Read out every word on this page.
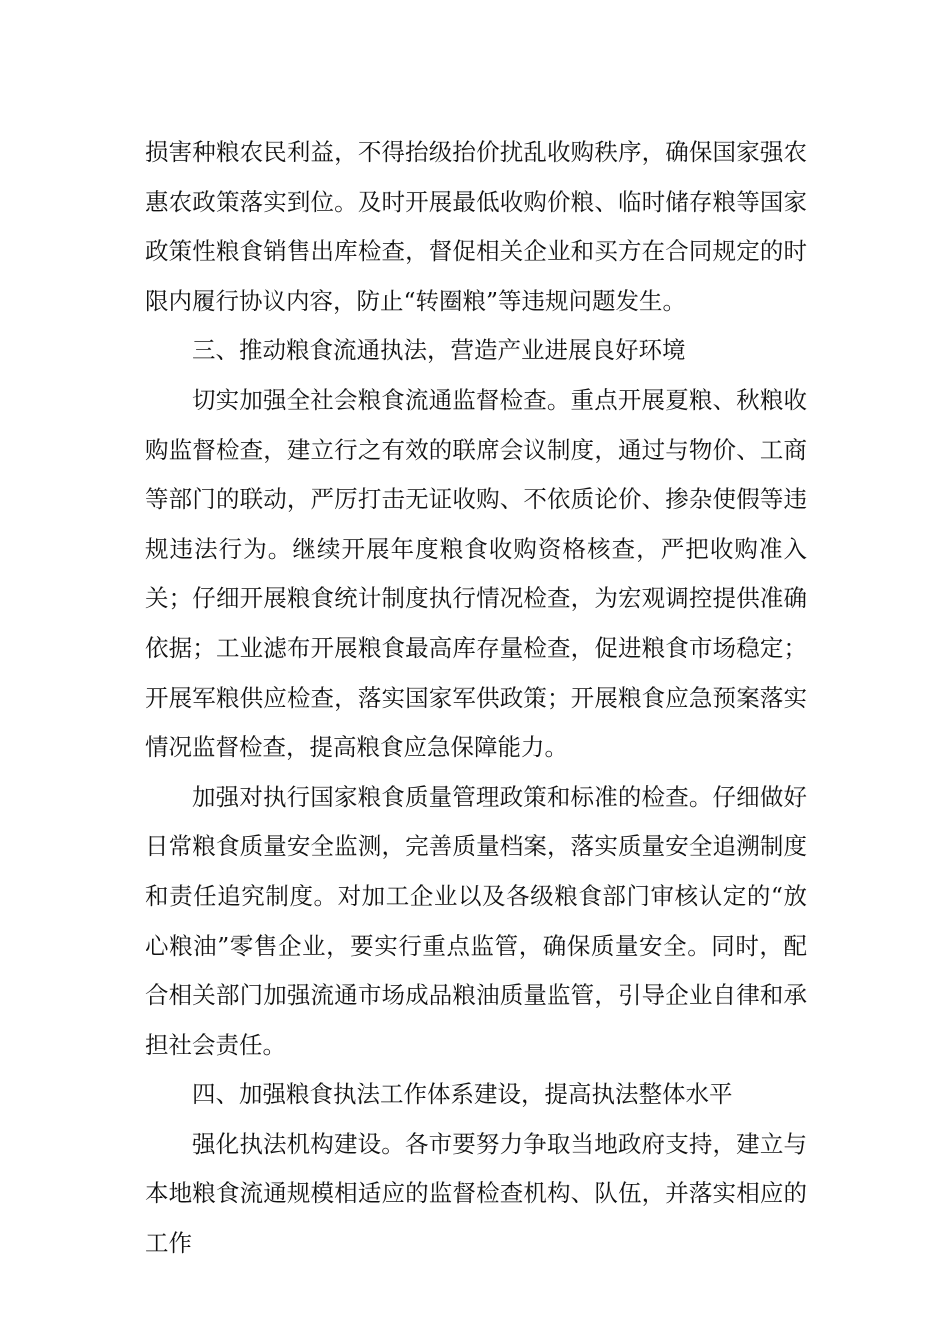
损害种粮农民利益，不得抬级抬价扰乱收购秩序，确保国家强农惠农政策落实到位。及时开展最低收购价粮、临时储存粮等国家政策性粮食销售出库检查，督促相关企业和买方在合同规定的时限内履行协议内容，防止“转圈粮”等违规问题发生。

三、推动粮食流通执法，营造产业进展良好环境

切实加强全社会粮食流通监督检查。重点开展夏粮、秋粮收购监督检查，建立行之有效的联席会议制度，通过与物价、工商等部门的联动，严厉打击无证收购、不依质论价、掺杂使假等违规违法行为。继续开展年度粮食收购资格核查，严把收购准入关；仔细开展粮食统计制度执行情况检查，为宏观调控提供准确依据；工业滤布开展粮食最高库存量检查，促进粮食市场稳定；开展军粮供应检查，落实国家军供政策；开展粮食应急预案落实情况监督检查，提高粮食应急保障能力。

加强对执行国家粮食质量管理政策和标准的检查。仔细做好日常粮食质量安全监测，完善质量档案，落实质量安全追溯制度和责任追究制度。对加工企业以及各级粮食部门审核认定的“放心粮油”零售企业，要实行重点监管，确保质量安全。同时，配合相关部门加强流通市场成品粮油质量监管，引导企业自律和承担社会责任。

四、加强粮食执法工作体系建设，提高执法整体水平

强化执法机构建设。各市要努力争取当地政府支持，建立与本地粮食流通规模相适应的监督检查机构、队伍，并落实相应的工作
